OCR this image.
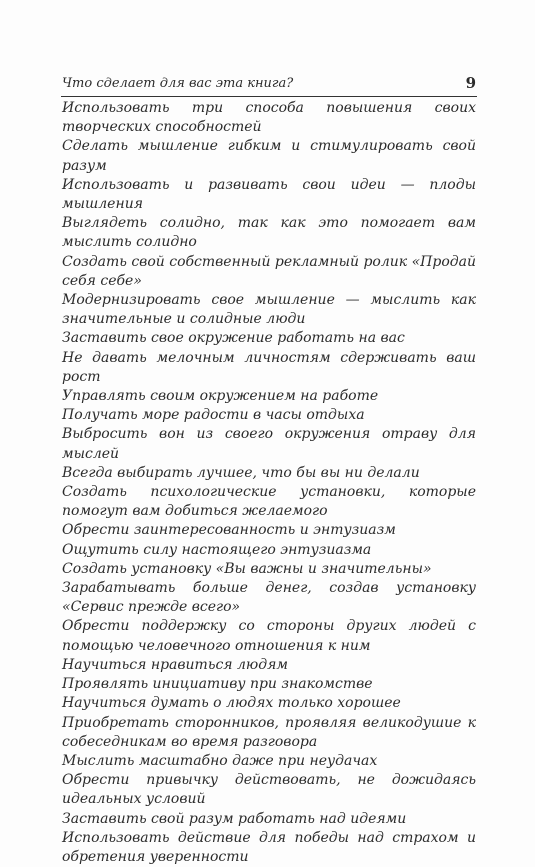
Что сделает для вас эта книга?	9
Использовать три способа повышения своих творческих способностей
Сделать мышление гибким и стимулировать свой разум
Использовать и развивать свои идеи — плоды мышления
Выглядеть солидно, так как это помогает вам мыслить солидно
Создать свой собственный рекламный ролик «Продай себя себе»
Модернизировать свое мышление — мыслить как значительные и солидные люди
Заставить свое окружение работать на вас
Не давать мелочным личностям сдерживать ваш рост
Управлять своим окружением на работе
Получать море радости в часы отдыха
Выбросить вон из своего окружения отраву для мыслей
Всегда выбирать лучшее, что бы вы ни делали
Создать психологические установки, которые помогут вам добиться желаемого
Обрести заинтересованность и энтузиазм
Ощутить силу настоящего энтузиазма
Создать установку «Вы важны и значительны»
Зарабатывать больше денег, создав установку «Сервис прежде всего»
Обрести поддержку со стороны других людей с помощью человечного отношения к ним
Научиться нравиться людям
Проявлять инициативу при знакомстве
Научиться думать о людях только хорошее
Приобретать сторонников, проявляя великодушие к собеседникам во время разговора
Мыслить масштабно даже при неудачах
Обрести привычку действовать, не дожидаясь идеальных условий
Заставить свой разум работать над идеями
Использовать действие для победы над страхом и обретения уверенности
